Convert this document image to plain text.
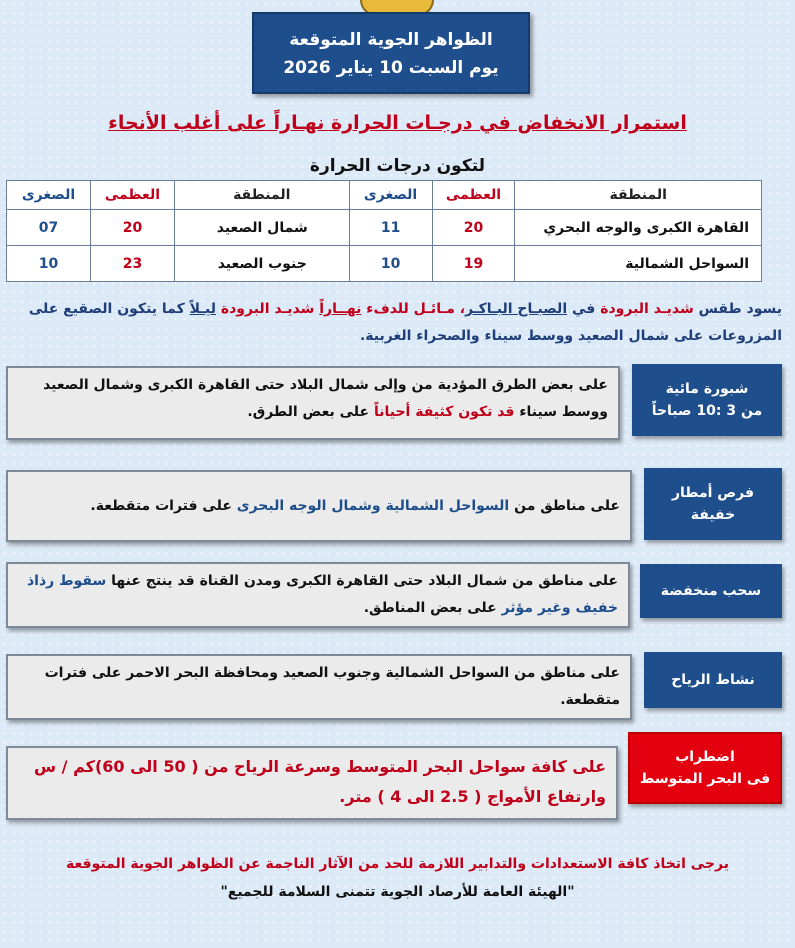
الظواهر الجوية المتوقعة
يوم السبت 10 يناير 2026
استمرار الانخفاض في درجـات الحرارة نهـاراً على أغلب الأنحاء
لتكون درجات الحرارة
المنطقة	العظمى	الصغرى	المنطقة	العظمى	الصغرى
القاهرة الكبرى والوجه البحري	20	11	شمال الصعيد	20	07
السواحل الشمالية	19	10	جنوب الصعيد	23	10
يسود طقس شديـد البرودة في الصبـاح البـاكـر، مـائـل للدفء نهــاراً شديـد البرودة ليـلاً كما يتكون الصقيع على المزروعات على شمال الصعيد ووسط سيناء والصحراء الغربية.
شبورة مائية
من 3 :10 صباحاً
على بعض الطرق المؤدية من وإلى شمال البلاد حتى القاهرة الكبرى وشمال الصعيد ووسط سيناء قد تكون كثيفة أحياناً على بعض الطرق.
فرص أمطار
خفيفة
على مناطق من السواحل الشمالية وشمال الوجه البحرى على فترات متقطعة.
سحب منخفضة
على مناطق من شمال البلاد حتى القاهرة الكبرى ومدن القناة قد ينتج عنها سقوط رذاذ خفيف وغير مؤثر على بعض المناطق.
نشاط الرياح
على مناطق من السواحل الشمالية وجنوب الصعيد ومحافظة البحر الاحمر على فترات متقطعة.
اضطراب
فى البحر المتوسط
على كافة سواحل البحر المتوسط وسرعة الرياح من ( 50 الى 60)كم / س وارتفاع الأمواج ( 2.5 الى 4 ) متر.
يرجى اتخاذ كافة الاستعدادات والتدابير اللازمة للحد من الآثار الناجمة عن الظواهر الجوية المتوقعة
"الهيئة العامة للأرصاد الجوية تتمنى السلامة للجميع"
